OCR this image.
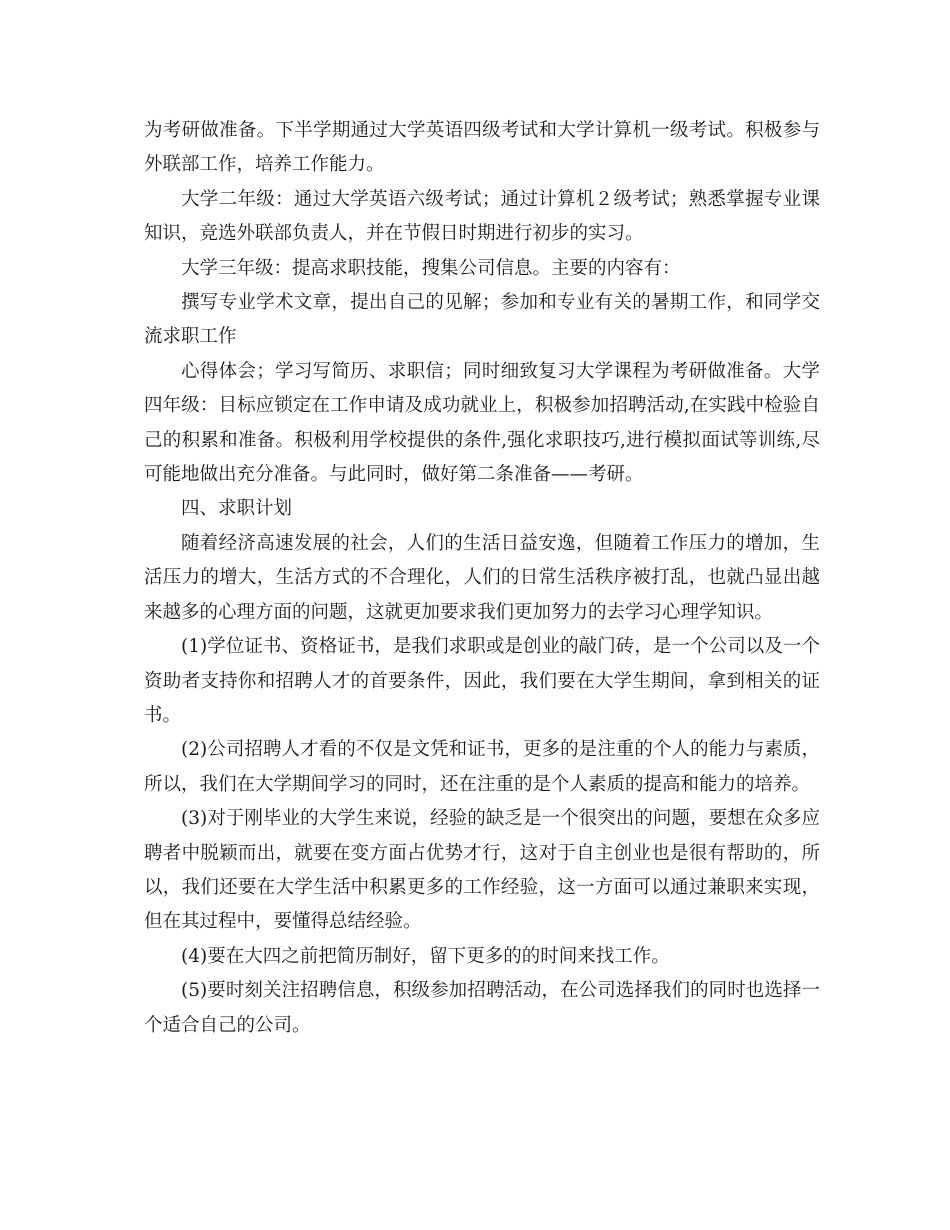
为考研做准备。下半学期通过大学英语四级考试和大学计算机一级考试。积极参与外联部工作，培养工作能力。

大学二年级：通过大学英语六级考试；通过计算机２级考试；熟悉掌握专业课知识，竞选外联部负责人，并在节假日时期进行初步的实习。

大学三年级：提高求职技能，搜集公司信息。主要的内容有：

撰写专业学术文章，提出自己的见解；参加和专业有关的暑期工作，和同学交流求职工作

心得体会；学习写简历、求职信；同时细致复习大学课程为考研做准备。大学四年级：目标应锁定在工作申请及成功就业上，积极参加招聘活动,在实践中检验自己的积累和准备。积极利用学校提供的条件,强化求职技巧,进行模拟面试等训练,尽可能地做出充分准备。与此同时，做好第二条准备——考研。

四、求职计划

随着经济高速发展的社会，人们的生活日益安逸，但随着工作压力的增加，生活压力的增大，生活方式的不合理化，人们的日常生活秩序被打乱，也就凸显出越来越多的心理方面的问题，这就更加要求我们更加努力的去学习心理学知识。

(1)学位证书、资格证书，是我们求职或是创业的敲门砖，是一个公司以及一个资助者支持你和招聘人才的首要条件，因此，我们要在大学生期间，拿到相关的证书。

(2)公司招聘人才看的不仅是文凭和证书，更多的是注重的个人的能力与素质，所以，我们在大学期间学习的同时，还在注重的是个人素质的提高和能力的培养。

(3)对于刚毕业的大学生来说，经验的缺乏是一个很突出的问题，要想在众多应聘者中脱颖而出，就要在变方面占优势才行，这对于自主创业也是很有帮助的，所以，我们还要在大学生活中积累更多的工作经验，这一方面可以通过兼职来实现，但在其过程中，要懂得总结经验。

(4)要在大四之前把简历制好，留下更多的的时间来找工作。

(5)要时刻关注招聘信息，积级参加招聘活动，在公司选择我们的同时也选择一个适合自己的公司。
